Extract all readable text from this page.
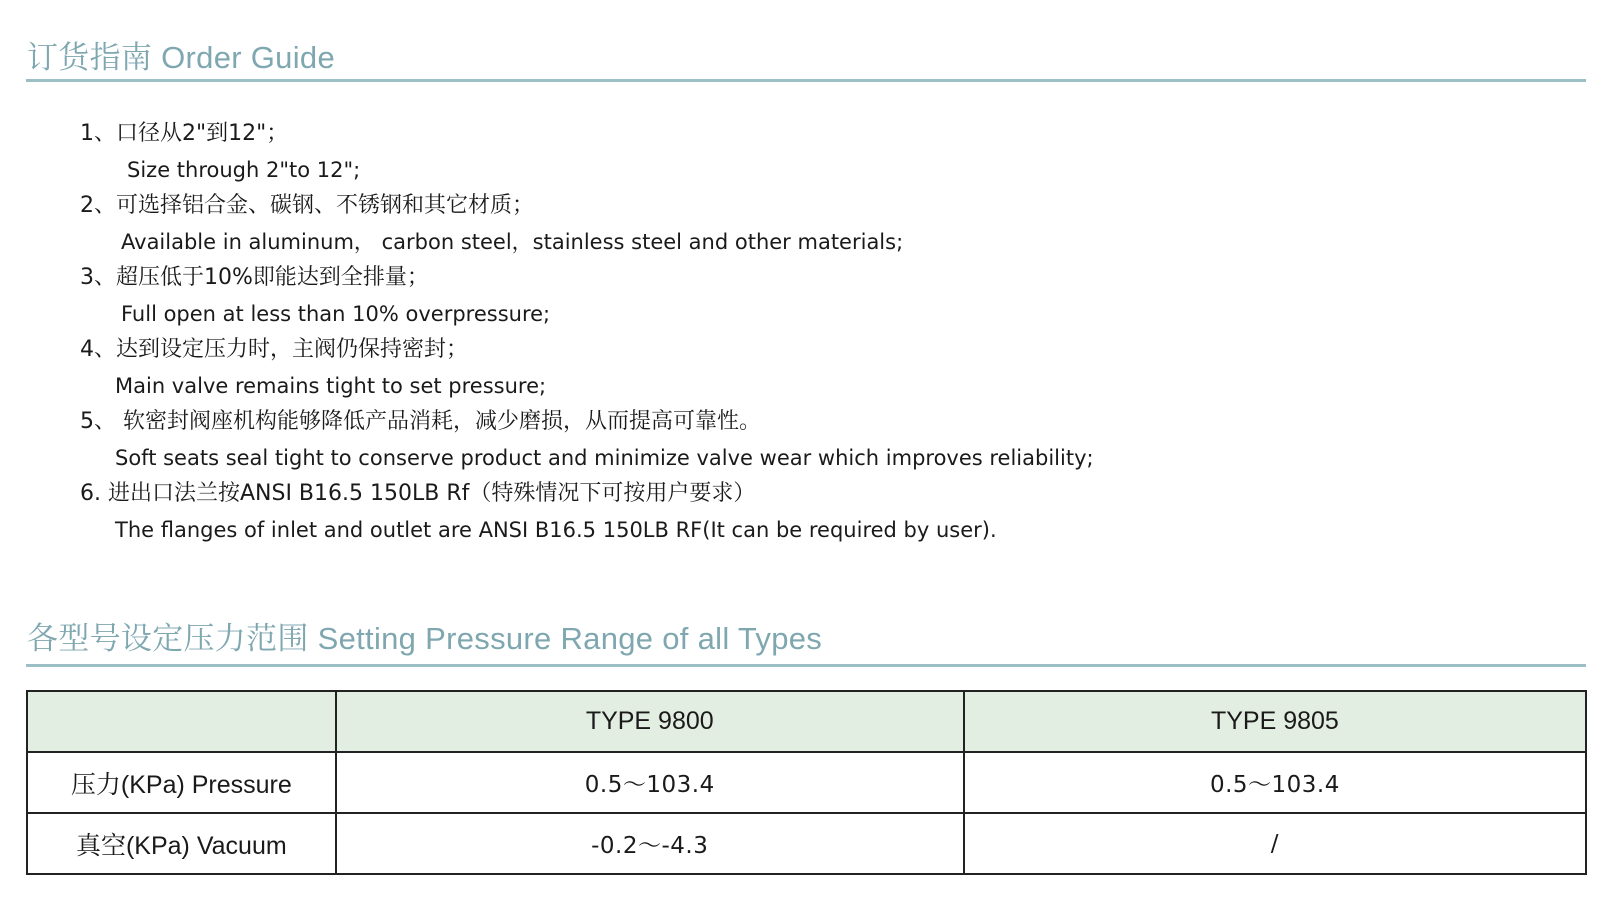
订货指南 Order Guide
1、口径从2"到12"；
Size through 2"to 12";
2、可选择铝合金、碳钢、不锈钢和其它材质；
Available in aluminum， carbon steel，stainless steel and other materials;
3、超压低于10%即能达到全排量；
Full open at less than 10% overpressure;
4、达到设定压力时，主阀仍保持密封；
Main valve remains tight to set pressure;
5、 软密封阀座机构能够降低产品消耗，减少磨损，从而提高可靠性。
Soft seats seal tight to conserve product and minimize valve wear which improves reliability;
6. 进出口法兰按ANSI B16.5 150LB Rf（特殊情况下可按用户要求）
The flanges of inlet and outlet are ANSI B16.5 150LB RF(It can be required by user).
各型号设定压力范围 Setting Pressure Range of all Types
	TYPE 9800	TYPE 9805
压力(KPa) Pressure	0.5～103.4	0.5～103.4
真空(KPa) Vacuum	-0.2～-4.3	/
